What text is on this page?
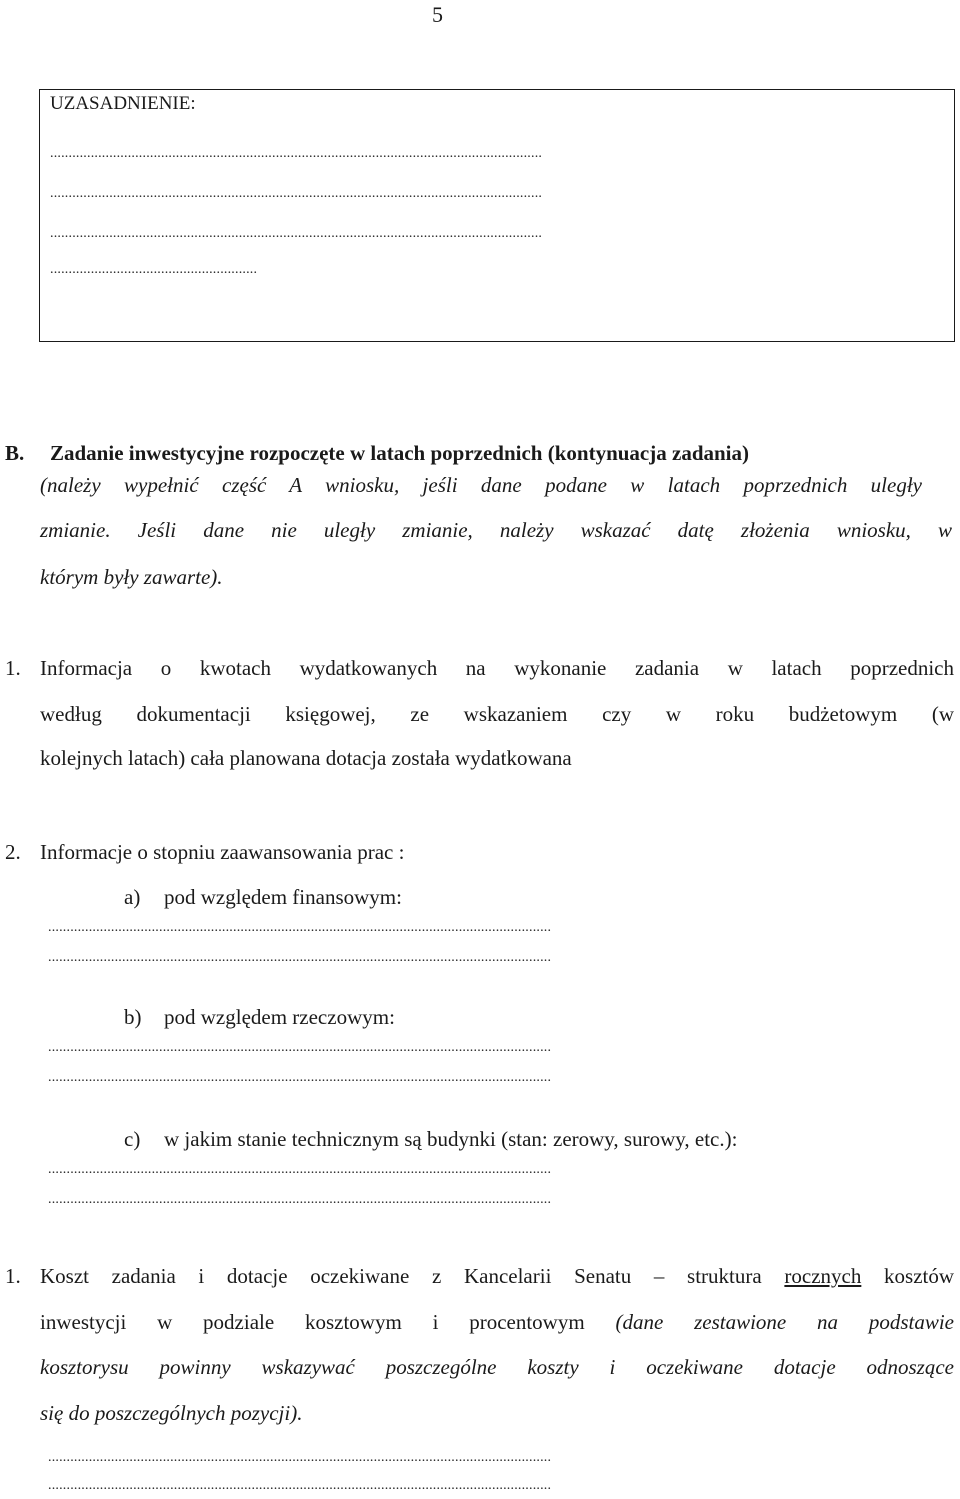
5
UZASADNIENIE:
.....................................................................................................................................
.....................................................................................................................................
.....................................................................................................................................
........................................................
B. Zadanie inwestycyjne rozpoczęte w latach poprzednich (kontynuacja zadania)
(należy wypełnić część A wniosku, jeśli dane podane w latach poprzednich uległy
zmianie. Jeśli dane nie uległy zmianie, należy wskazać datę złożenia wniosku, w
którym były zawarte).
1. Informacja o kwotach wydatkowanych na wykonanie zadania w latach poprzednich
według dokumentacji księgowej, ze wskazaniem czy w roku budżetowym (w
kolejnych latach) cała planowana dotacja została wydatkowana
2. Informacje o stopniu zaawansowania prac :
a) pod względem finansowym:
........................................................................................................................................
........................................................................................................................................
b) pod względem rzeczowym:
........................................................................................................................................
........................................................................................................................................
c) w jakim stanie technicznym są budynki (stan: zerowy, surowy, etc.):
........................................................................................................................................
........................................................................................................................................
1. Koszt zadania i dotacje oczekiwane z Kancelarii Senatu – struktura rocznych kosztów
inwestycji w podziale kosztowym i procentowym (dane zestawione na podstawie
kosztorysu powinny wskazywać poszczególne koszty i oczekiwane dotacje odnoszące
się do poszczególnych pozycji).
........................................................................................................................................
........................................................................................................................................
